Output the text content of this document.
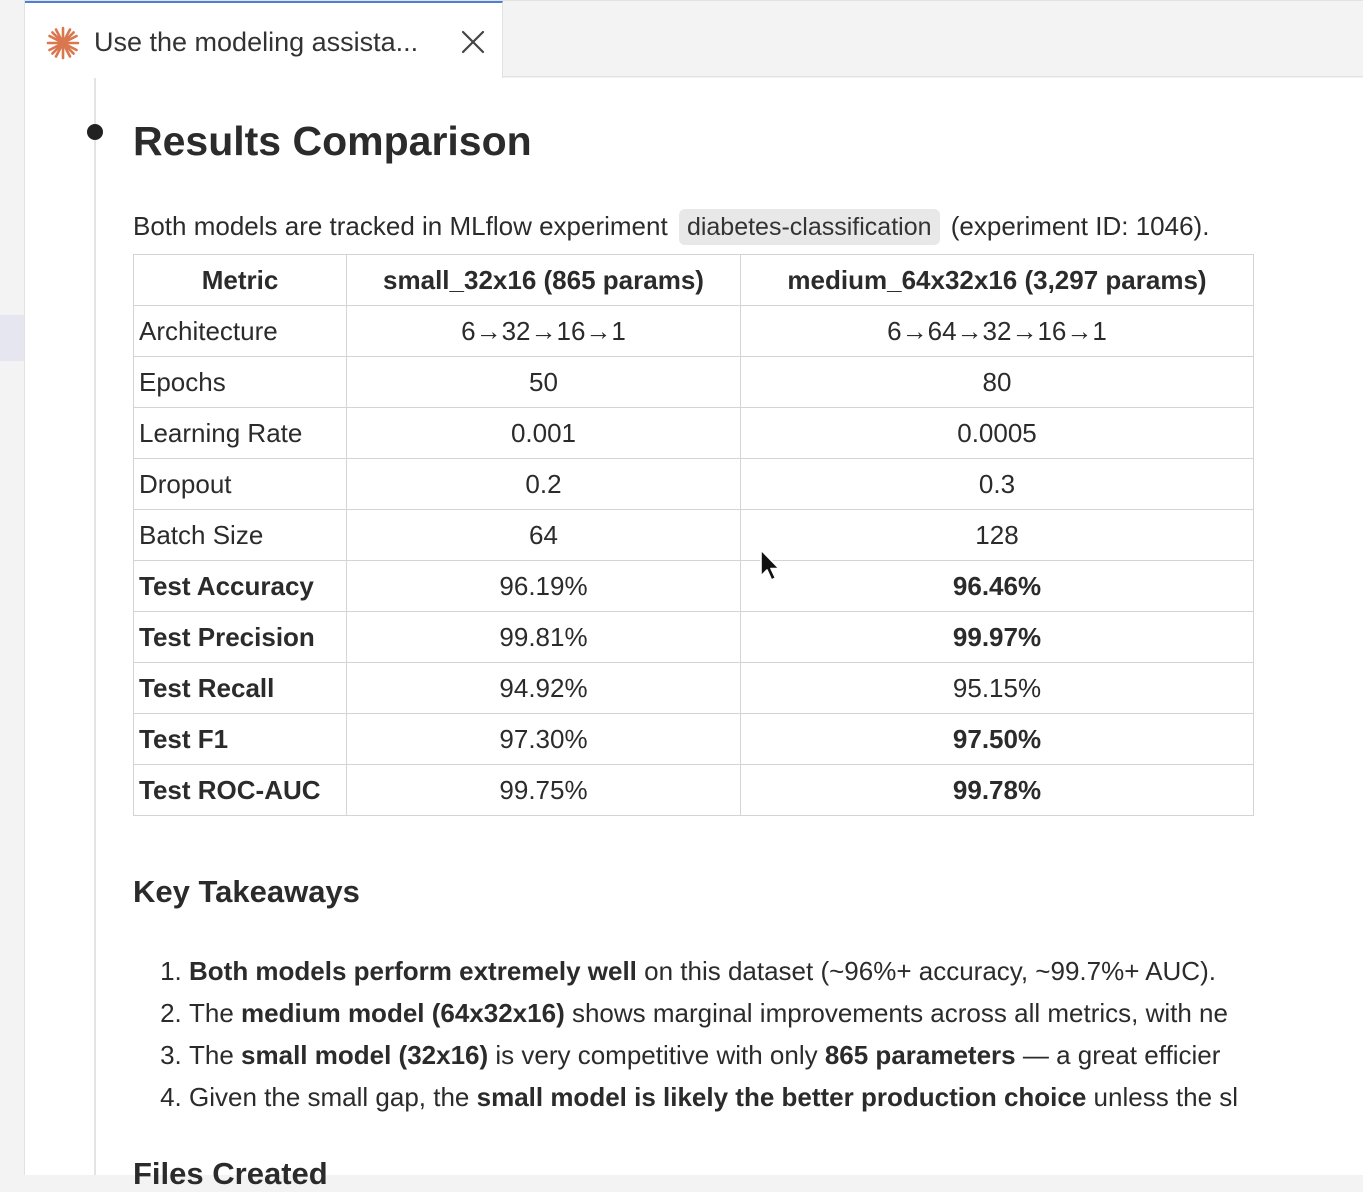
Use the modeling assista...
Results Comparison
Both models are tracked in MLflow experiment diabetes-classification (experiment ID: 1046).
Metric	small_32x16 (865 params)	medium_64x32x16 (3,297 params)
Architecture	6→32→16→1	6→64→32→16→1
Epochs	50	80
Learning Rate	0.001	0.0005
Dropout	0.2	0.3
Batch Size	64	128
Test Accuracy	96.19%	96.46%
Test Precision	99.81%	99.97%
Test Recall	94.92%	95.15%
Test F1	97.30%	97.50%
Test ROC-AUC	99.75%	99.78%
Key Takeaways
1. Both models perform extremely well on this dataset (~96%+ accuracy, ~99.7%+ AUC).
2. The medium model (64x32x16) shows marginal improvements across all metrics, with ne
3. The small model (32x16) is very competitive with only 865 parameters — a great efficier
4. Given the small gap, the small model is likely the better production choice unless the sl
Files Created
